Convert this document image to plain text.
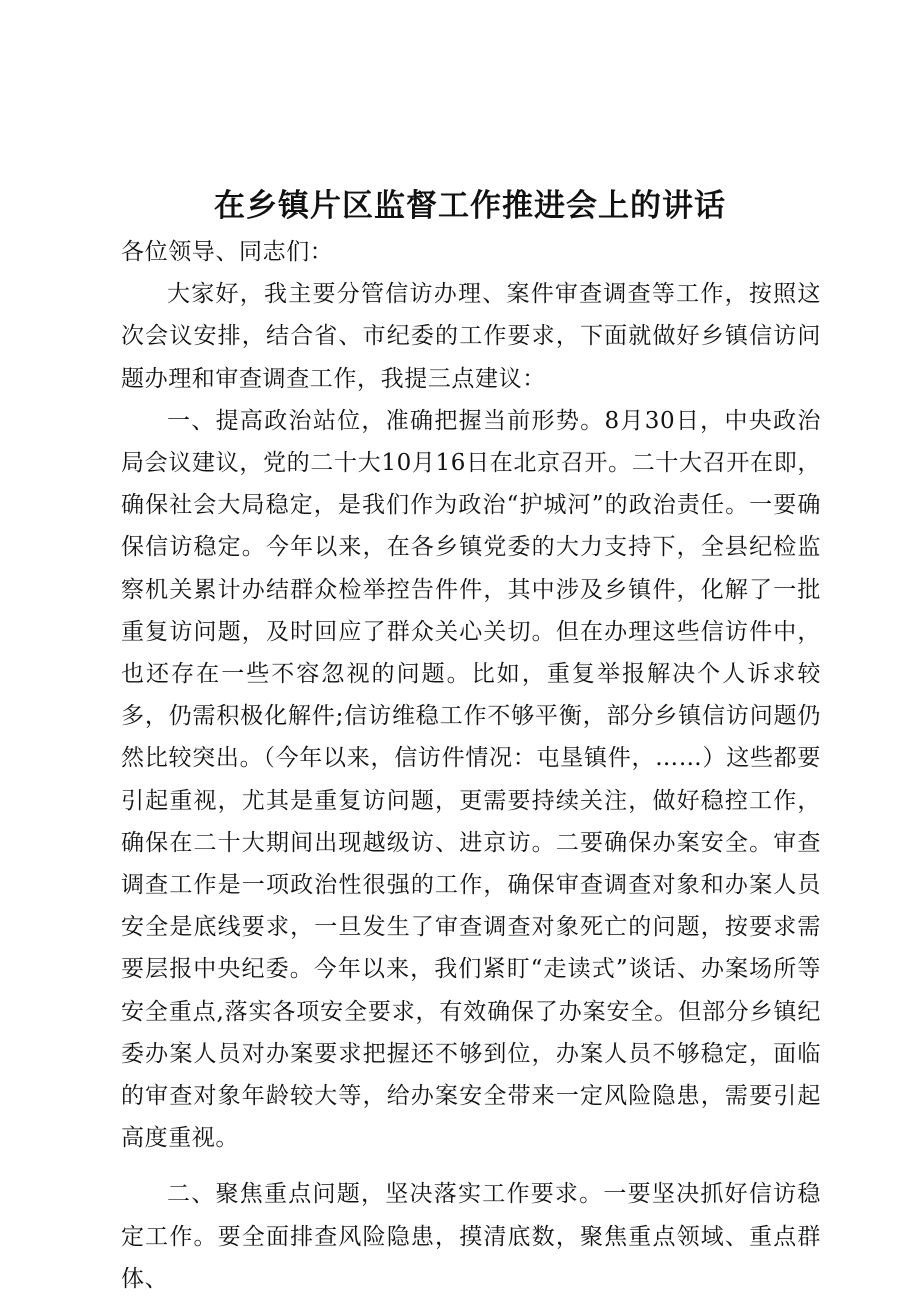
在乡镇片区监督工作推进会上的讲话

各位领导、同志们：

大家好，我主要分管信访办理、案件审查调查等工作，按照这次会议安排，结合省、市纪委的工作要求，下面就做好乡镇信访问题办理和审查调查工作，我提三点建议：

一、提高政治站位，准确把握当前形势。8月30日，中央政治局会议建议，党的二十大10月16日在北京召开。二十大召开在即，确保社会大局稳定，是我们作为政治“护城河”的政治责任。一要确保信访稳定。今年以来，在各乡镇党委的大力支持下，全县纪检监察机关累计办结群众检举控告件件，其中涉及乡镇件，化解了一批重复访问题，及时回应了群众关心关切。但在办理这些信访件中，也还存在一些不容忽视的问题。比如，重复举报解决个人诉求较多，仍需积极化解件;信访维稳工作不够平衡，部分乡镇信访问题仍然比较突出。（今年以来，信访件情况：屯垦镇件，……）这些都要引起重视，尤其是重复访问题，更需要持续关注，做好稳控工作，确保在二十大期间出现越级访、进京访。二要确保办案安全。审查调查工作是一项政治性很强的工作，确保审查调查对象和办案人员安全是底线要求，一旦发生了审查调查对象死亡的问题，按要求需要层报中央纪委。今年以来，我们紧盯“走读式”谈话、办案场所等安全重点,落实各项安全要求，有效确保了办案安全。但部分乡镇纪委办案人员对办案要求把握还不够到位，办案人员不够稳定，面临的审查对象年龄较大等，给办案安全带来一定风险隐患，需要引起高度重视。

二、聚焦重点问题，坚决落实工作要求。一要坚决抓好信访稳定工作。要全面排查风险隐患，摸清底数，聚焦重点领域、重点群体、
